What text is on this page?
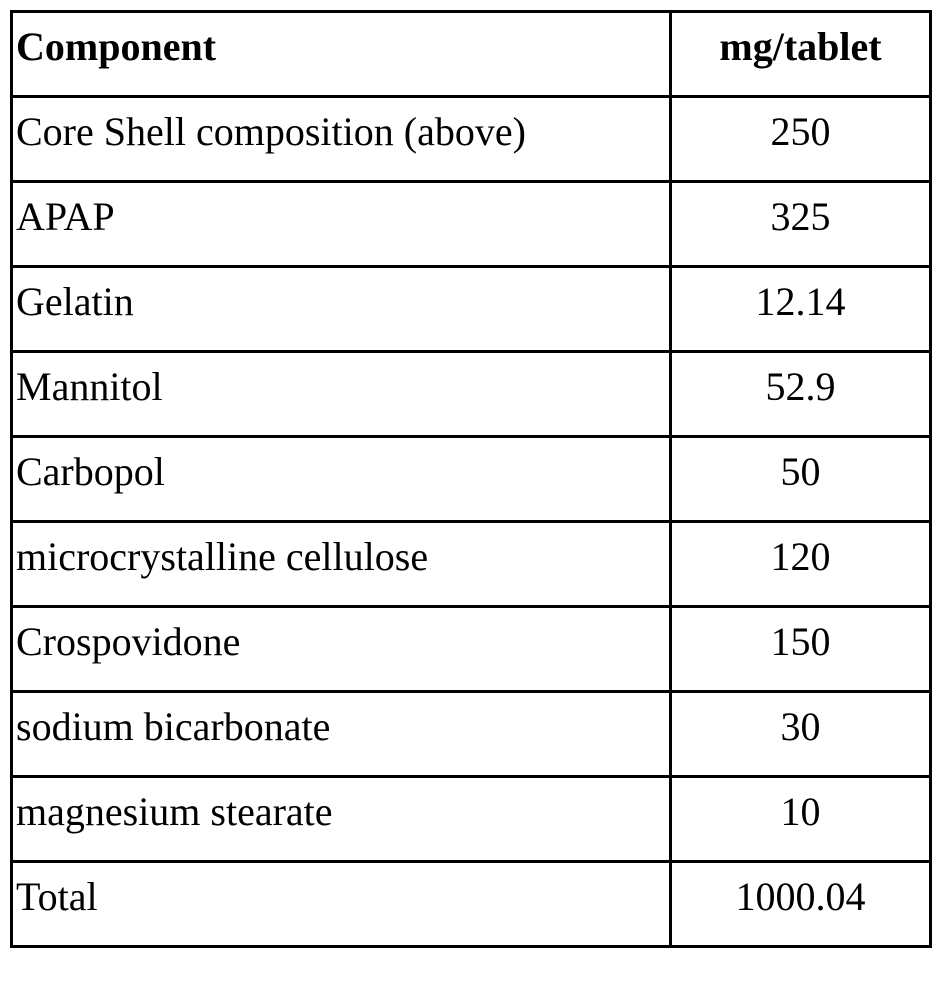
Component	mg/tablet
Core Shell composition (above)	250
APAP	325
Gelatin	12.14
Mannitol	52.9
Carbopol	50
microcrystalline cellulose	120
Crospovidone	150
sodium bicarbonate	30
magnesium stearate	10
Total	1000.04
